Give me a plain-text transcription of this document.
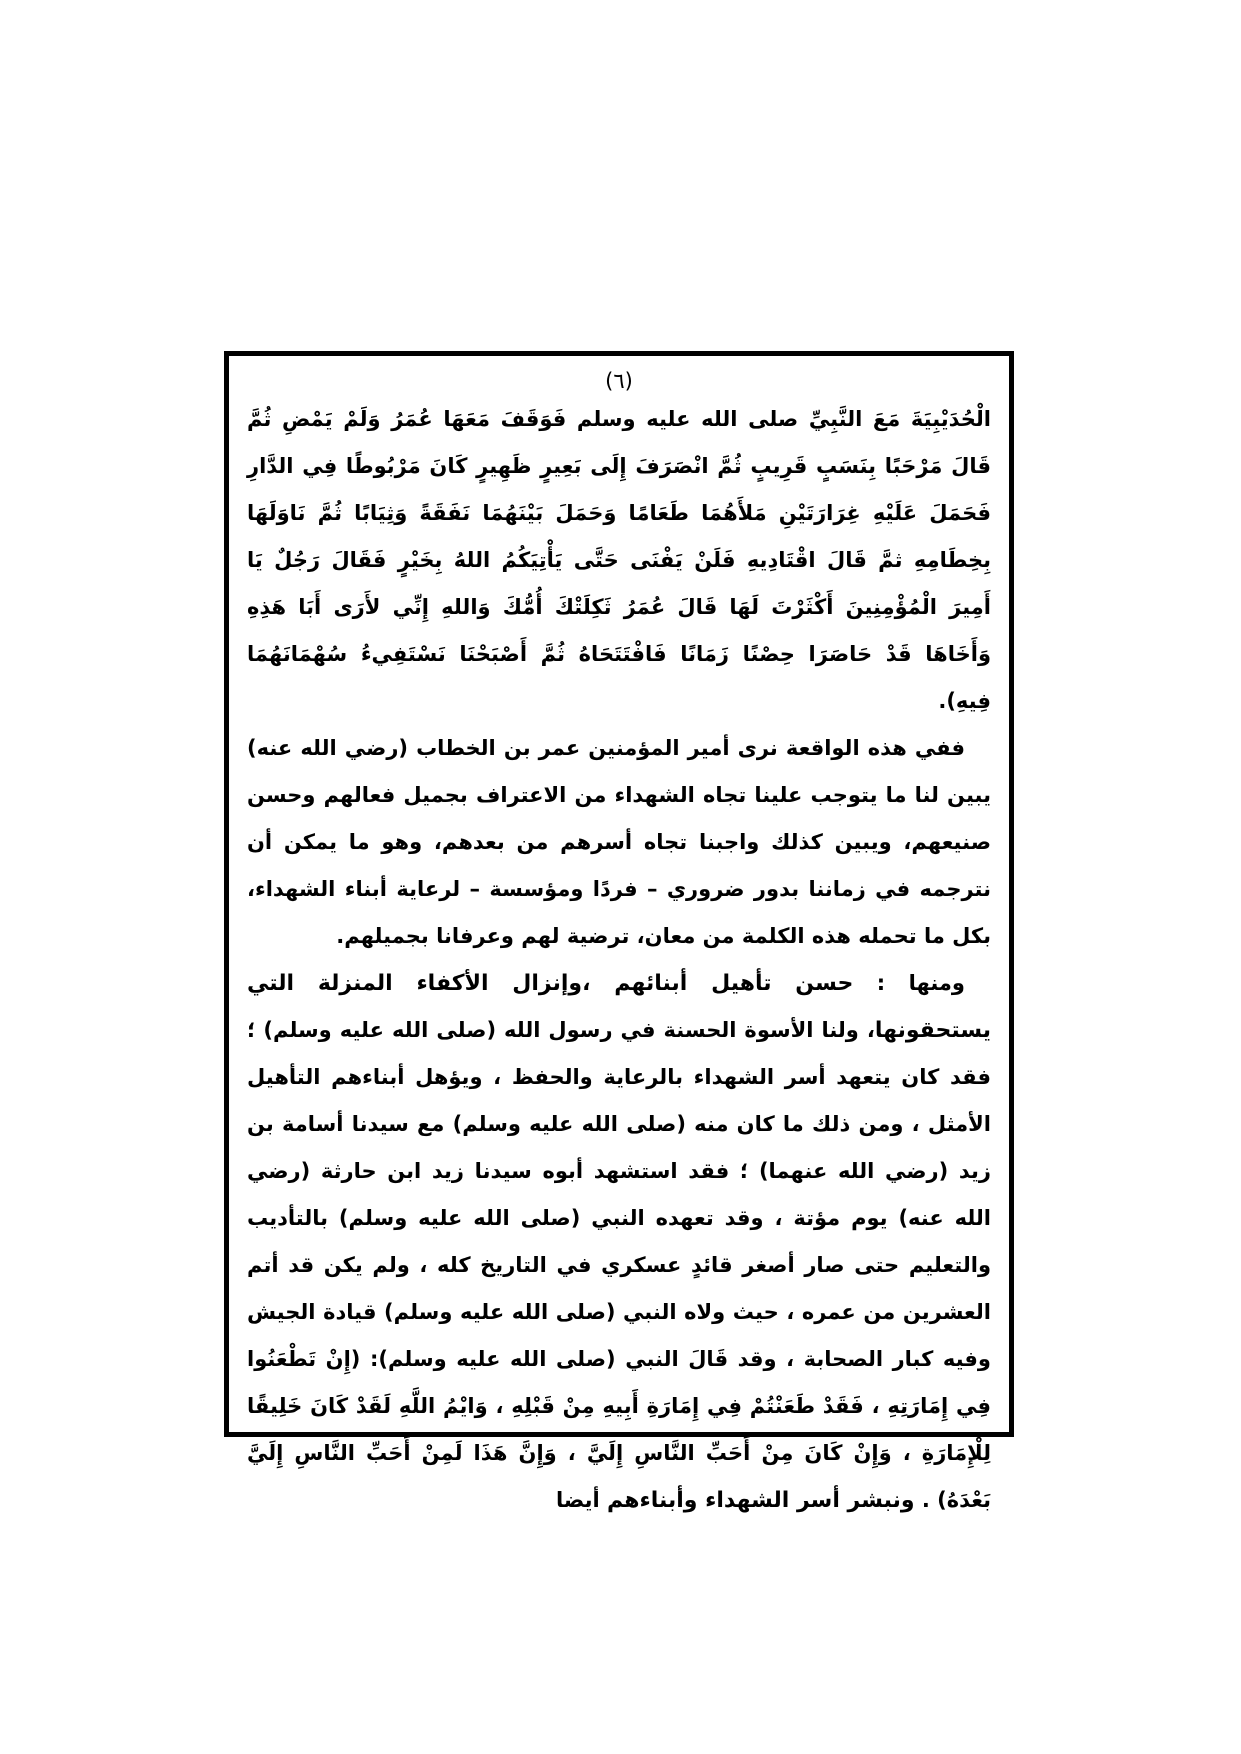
(٦)

الْحُدَيْبِيَةَ مَعَ النَّبِيِّ صلى الله عليه وسلم فَوَقَفَ مَعَهَا عُمَرُ وَلَمْ يَمْضِ ثُمَّ قَالَ مَرْحَبًا بِنَسَبٍ قَرِيبٍ ثُمَّ انْصَرَفَ إِلَى بَعِيرٍ ظَهِيرٍ كَانَ مَرْبُوطًا فِي الدَّارِ فَحَمَلَ عَلَيْهِ غِرَارَتَيْنِ مَلأَهُمَا طَعَامًا وَحَمَلَ بَيْنَهُمَا نَفَقَةً وَثِيَابًا ثُمَّ نَاوَلَهَا بِخِطَامِهِ ثمَّ قَالَ اقْتَادِيهِ فَلَنْ يَفْنَى حَتَّى يَأْتِيَكُمُ اللهُ بِخَيْرٍ فَقَالَ رَجُلٌ يَا أَمِيرَ الْمُؤْمِنِينَ أَكْثَرْتَ لَهَا قَالَ عُمَرُ ثَكِلَتْكَ أُمُّكَ وَاللهِ إِنِّي لأَرَى أَبَا هَذِهِ وَأَخَاهَا قَدْ حَاصَرَا حِصْنًا زَمَانًا فَافْتَتَحَاهُ ثُمَّ أَصْبَحْنَا نَسْتَفِيءُ سُهْمَانَهُمَا فِيهِ).

ففي هذه الواقعة نرى أمير المؤمنين عمر بن الخطاب (رضي الله عنه) يبين لنا ما يتوجب علينا تجاه الشهداء من الاعتراف بجميل فعالهم وحسن صنيعهم، ويبين كذلك واجبنا تجاه أسرهم من بعدهم، وهو ما يمكن أن نترجمه في زماننا بدور ضروري – فردًا ومؤسسة – لرعاية أبناء الشهداء، بكل ما تحمله هذه الكلمة من معان، ترضية لهم وعرفانا بجميلهم.

ومنها : حسن تأهيل أبنائهم ،وإنزال الأكفاء المنزلة التي يستحقونها، ولنا الأسوة الحسنة في رسول الله (صلى الله عليه وسلم) ؛ فقد كان يتعهد أسر الشهداء بالرعاية والحفظ ، ويؤهل أبناءهم التأهيل الأمثل ، ومن ذلك ما كان منه (صلى الله عليه وسلم) مع سيدنا أسامة بن زيد (رضي الله عنهما) ؛ فقد استشهد أبوه سيدنا زيد ابن حارثة (رضي الله عنه) يوم مؤتة ، وقد تعهده النبي (صلى الله عليه وسلم) بالتأديب والتعليم حتى صار أصغر قائدٍ عسكري في التاريخ كله ، ولم يكن قد أتم العشرين من عمره ، حيث ولاه النبي (صلى الله عليه وسلم) قيادة الجيش وفيه كبار الصحابة ، وقد قَالَ النبي (صلى الله عليه وسلم): (إِنْ تَطْعَنُوا فِي إِمَارَتِهِ ، فَقَدْ طَعَنْتُمْ فِي إِمَارَةِ أَبِيهِ مِنْ قَبْلِهِ ، وَايْمُ اللَّهِ لَقَدْ كَانَ خَلِيقًا لِلْإِمَارَةِ ، وَإِنْ كَانَ مِنْ أَحَبِّ النَّاسِ إِلَيَّ ، وَإِنَّ هَذَا لَمِنْ أَحَبِّ النَّاسِ إِلَيَّ بَعْدَهُ) . ونبشر أسر الشهداء وأبناءهم أيضا
